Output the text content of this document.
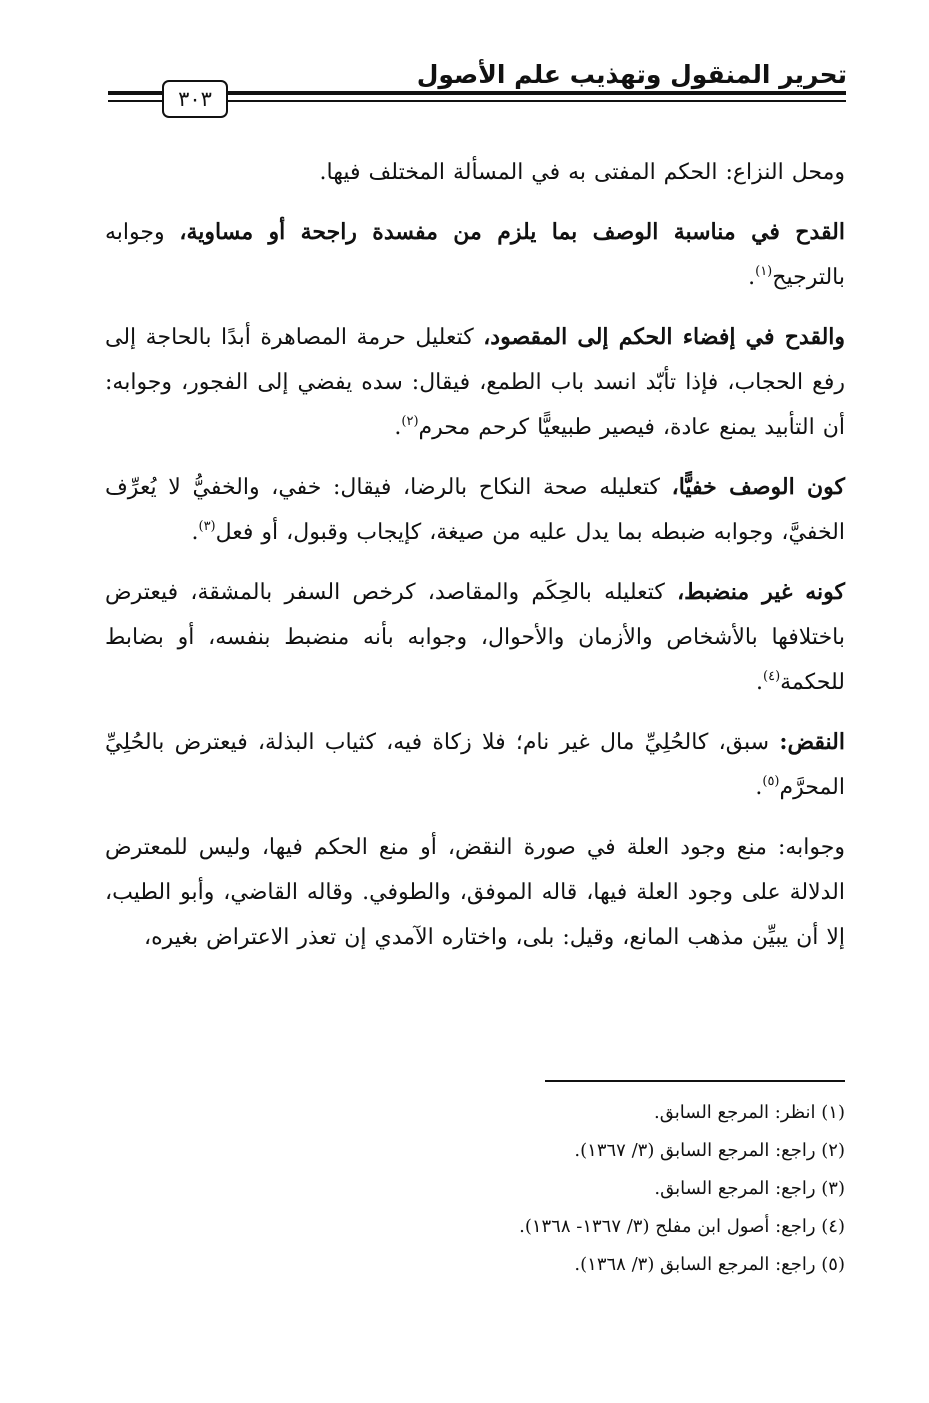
تحرير المنقول وتهذيب علم الأصول
٣٠٣

ومحل النزاع: الحكم المفتى به في المسألة المختلف فيها.

القدح في مناسبة الوصف بما يلزم من مفسدة راجحة أو مساوية، وجوابه بالترجيح$^{(١)}$.

والقدح في إفضاء الحكم إلى المقصود، كتعليل حرمة المصاهرة أبدًا بالحاجة إلى رفع الحجاب، فإذا تأبّد انسد باب الطمع، فيقال: سده يفضي إلى الفجور، وجوابه: أن التأبيد يمنع عادة، فيصير طبيعيًّا كرحم محرم$^{(٢)}$.

كون الوصف خفيًّا، كتعليله صحة النكاح بالرضا، فيقال: خفي، والخفيُّ لا يُعرِّف الخفيَّ، وجوابه ضبطه بما يدل عليه من صيغة، كإيجاب وقبول، أو فعل$^{(٣)}$.

كونه غير منضبط، كتعليله بالحِكَم والمقاصد، كرخص السفر بالمشقة، فيعترض باختلافها بالأشخاص والأزمان والأحوال، وجوابه بأنه منضبط بنفسه، أو بضابط للحكمة$^{(٤)}$.

النقض: سبق، كالحُلِيِّ مال غير نام؛ فلا زكاة فيه، كثياب البذلة، فيعترض بالحُلِيِّ المحرَّم$^{(٥)}$.

وجوابه: منع وجود العلة في صورة النقض، أو منع الحكم فيها، وليس للمعترض الدلالة على وجود العلة فيها، قاله الموفق، والطوفي. وقاله القاضي، وأبو الطيب، إلا أن يبيِّن مذهب المانع، وقيل: بلى، واختاره الآمدي إن تعذر الاعتراض بغيره،

(١) انظر: المرجع السابق.

(٢) راجع: المرجع السابق (٣/ ١٣٦٧).

(٣) راجع: المرجع السابق.

(٤) راجع: أصول ابن مفلح (٣/ ١٣٦٧- ١٣٦٨).

(٥) راجع: المرجع السابق (٣/ ١٣٦٨).
